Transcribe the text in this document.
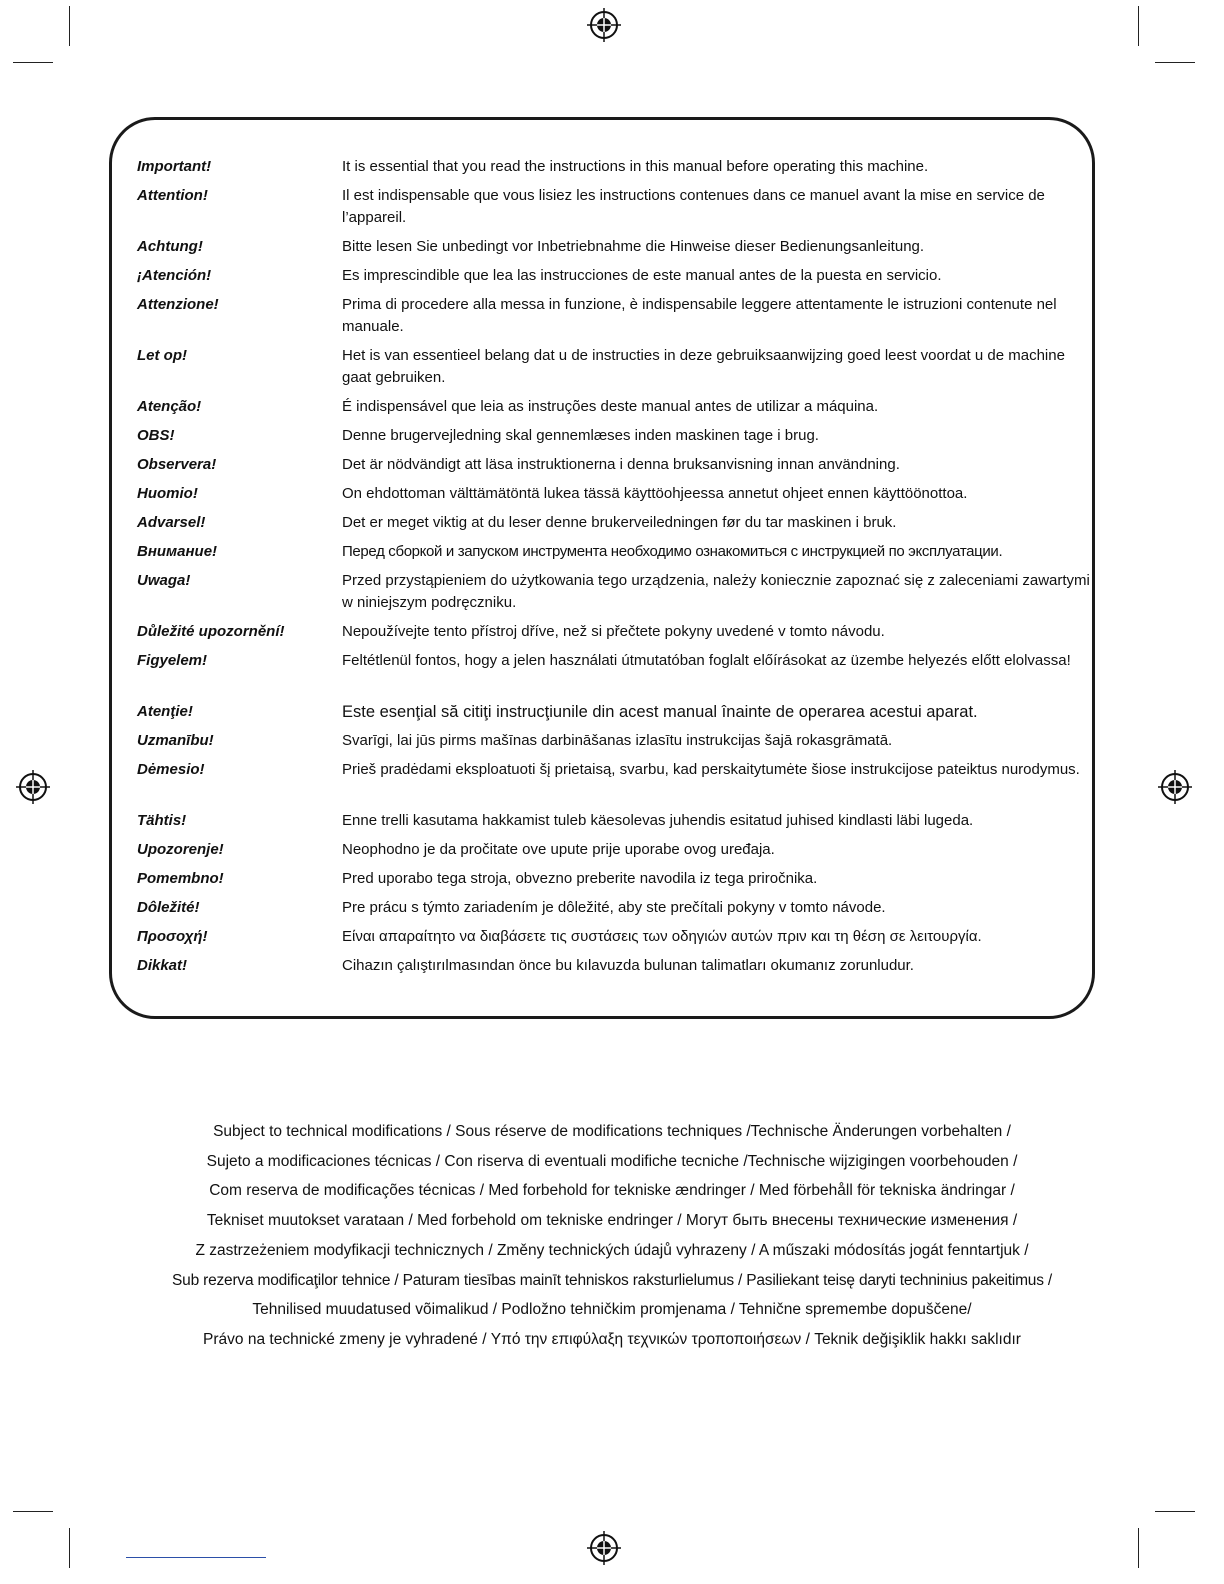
Important!	It is essential that you read the instructions in this manual before operating this machine.
Attention!	Il est indispensable que vous lisiez les instructions contenues dans ce manuel avant la mise en service de l’appareil.
Achtung!	Bitte lesen Sie unbedingt vor Inbetriebnahme die Hinweise dieser Bedienungsanleitung.
¡Atención!	Es imprescindible que lea las instrucciones de este manual antes de la puesta en servicio.
Attenzione!	Prima di procedere alla messa in funzione, è indispensabile leggere attentamente le istruzioni contenute nel manuale.
Let op!	Het is van essentieel belang dat u de instructies in deze gebruiksaanwijzing goed leest voordat u de machine gaat gebruiken.
Atenção!	É indispensável que leia as instruções deste manual antes de utilizar a máquina.
OBS!	Denne brugervejledning skal gennemlæses inden maskinen tage i brug.
Observera!	Det är nödvändigt att läsa instruktionerna i denna bruksanvisning innan användning.
Huomio!	On ehdottoman välttämätöntä lukea tässä käyttöohjeessa annetut ohjeet ennen käyttöönottoa.
Advarsel!	Det er meget viktig at du leser denne brukerveiledningen før du tar maskinen i bruk.
Внимание!	Перед сборкой и запуском инструмента необходимо ознакомиться с инструкцией по эксплуатации.
Uwaga!	Przed przystąpieniem do użytkowania tego urządzenia, należy koniecznie zapoznać się z zaleceniami zawartymi w niniejszym podręczniku.
Důležité upozornění!	Nepoužívejte tento přístroj dříve, než si přečtete pokyny uvedené v tomto návodu.
Figyelem!	Feltétlenül fontos, hogy a jelen használati útmutatóban foglalt előírásokat az üzembe helyezés előtt elolvassa!
Atenţie!	Este esenţial să citiţi instrucţiunile din acest manual înainte de operarea acestui aparat.
Uzmanību!	Svarīgi, lai jūs pirms mašīnas darbināšanas izlasītu instrukcijas šajā rokasgrāmatā.
Dėmesio!	Prieš pradėdami eksploatuoti šį prietaisą, svarbu, kad perskaitytumėte šiose instrukcijose pateiktus nurodymus.
Tähtis!	Enne trelli kasutama hakkamist tuleb käesolevas juhendis esitatud juhised kindlasti läbi lugeda.
Upozorenje!	Neophodno je da pročitate ove upute prije uporabe ovog uređaja.
Pomembno!	Pred uporabo tega stroja, obvezno preberite navodila iz tega priročnika.
Dôležité!	Pre prácu s týmto zariadením je dôležité, aby ste prečítali pokyny v tomto návode.
Προσοχή!	Είναι απαραίτητο να διαβάσετε τις συστάσεις των οδηγιών αυτών πριν και τη θέση σε λειτουργία.
Dikkat!	Cihazın çalıştırılmasından önce bu kılavuzda bulunan talimatları okumanız zorunludur.
Subject to technical modifications / Sous réserve de modifications techniques /Technische Änderungen vorbehalten /
Sujeto a modificaciones técnicas / Con riserva di eventuali modifiche tecniche /Technische wijzigingen voorbehouden /
Com reserva de modificações técnicas / Med forbehold for tekniske ændringer / Med förbehåll för tekniska ändringar /
Tekniset muutokset varataan / Med forbehold om tekniske endringer / Могут быть внесены технические изменения /
Z zastrzeżeniem modyfikacji technicznych / Změny technických údajů vyhrazeny / A műszaki módosítás jogát fenntartjuk /
Sub rezerva modificaţilor tehnice / Paturam tiesības mainīt tehniskos raksturlielumus / Pasiliekant teisę daryti techninius pakeitimus /
Tehnilised muudatused võimalikud / Podložno tehničkim promjenama / Tehnične spremembe dopuščene/
Právo na technické zmeny je vyhradené / Υπό την επιφύλαξη τεχνικών τροποποιήσεων / Teknik değişiklik hakkı saklıdır
